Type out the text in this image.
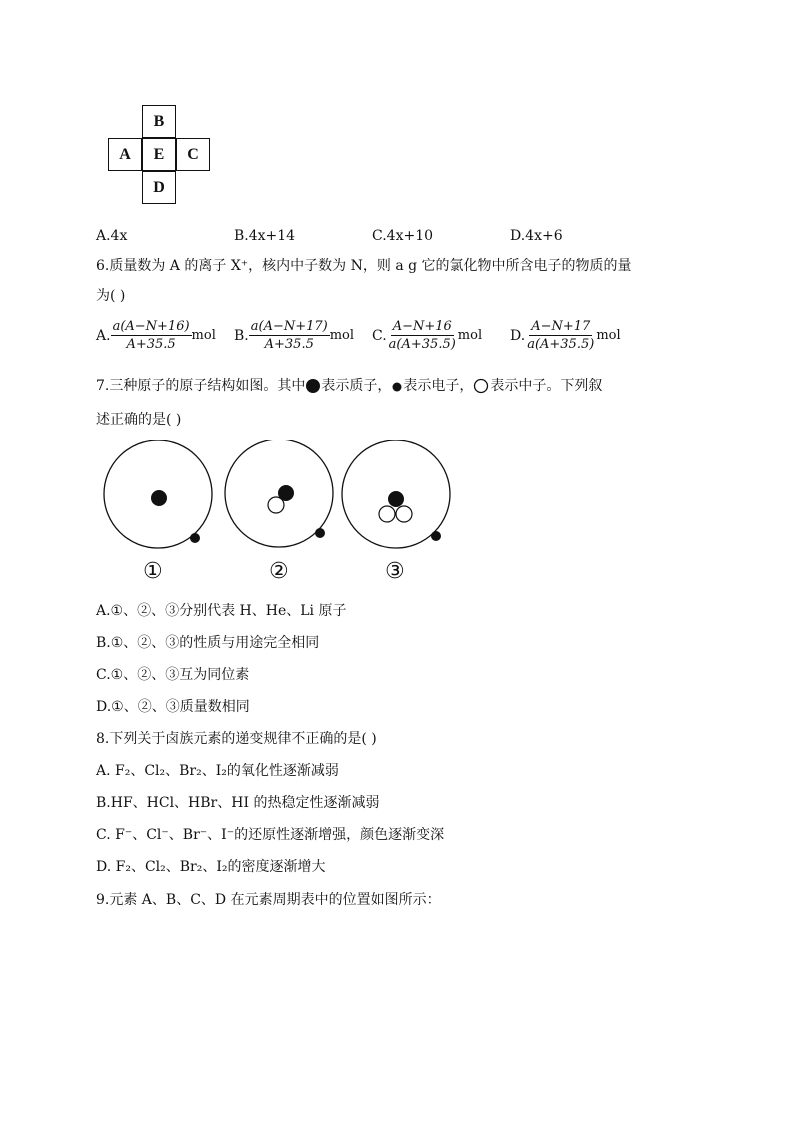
B
A	E	C
D
A.4x	B.4x+14	C.4x+10	D.4x+6
6.质量数为 A 的离子 X⁺，核内中子数为 N，则 a g 它的氯化物中所含电子的物质的量
为( )
A. $\frac{a(A-N+16)}{A+35.5}$ mol B. $\frac{a(A-N+17)}{A+35.5}$ mol C. $\frac{A-N+16}{a(A+35.5)}$ mol D. $\frac{A-N+17}{a(A+35.5)}$ mol
7.三种原子的原子结构如图。其中 表示质子， 表示电子， 表示中子。下列叙
述正确的是( )
①	②	③
A.①、②、③分别代表 H、He、Li 原子
B.①、②、③的性质与用途完全相同
C.①、②、③互为同位素
D.①、②、③质量数相同
8.下列关于卤族元素的递变规律不正确的是( )
A. F₂、Cl₂、Br₂、I₂的氧化性逐渐减弱
B.HF、HCl、HBr、HI 的热稳定性逐渐减弱
C. F⁻、Cl⁻、Br⁻、I⁻的还原性逐渐增强，颜色逐渐变深
D. F₂、Cl₂、Br₂、I₂的密度逐渐增大
9.元素 A、B、C、D 在元素周期表中的位置如图所示：
